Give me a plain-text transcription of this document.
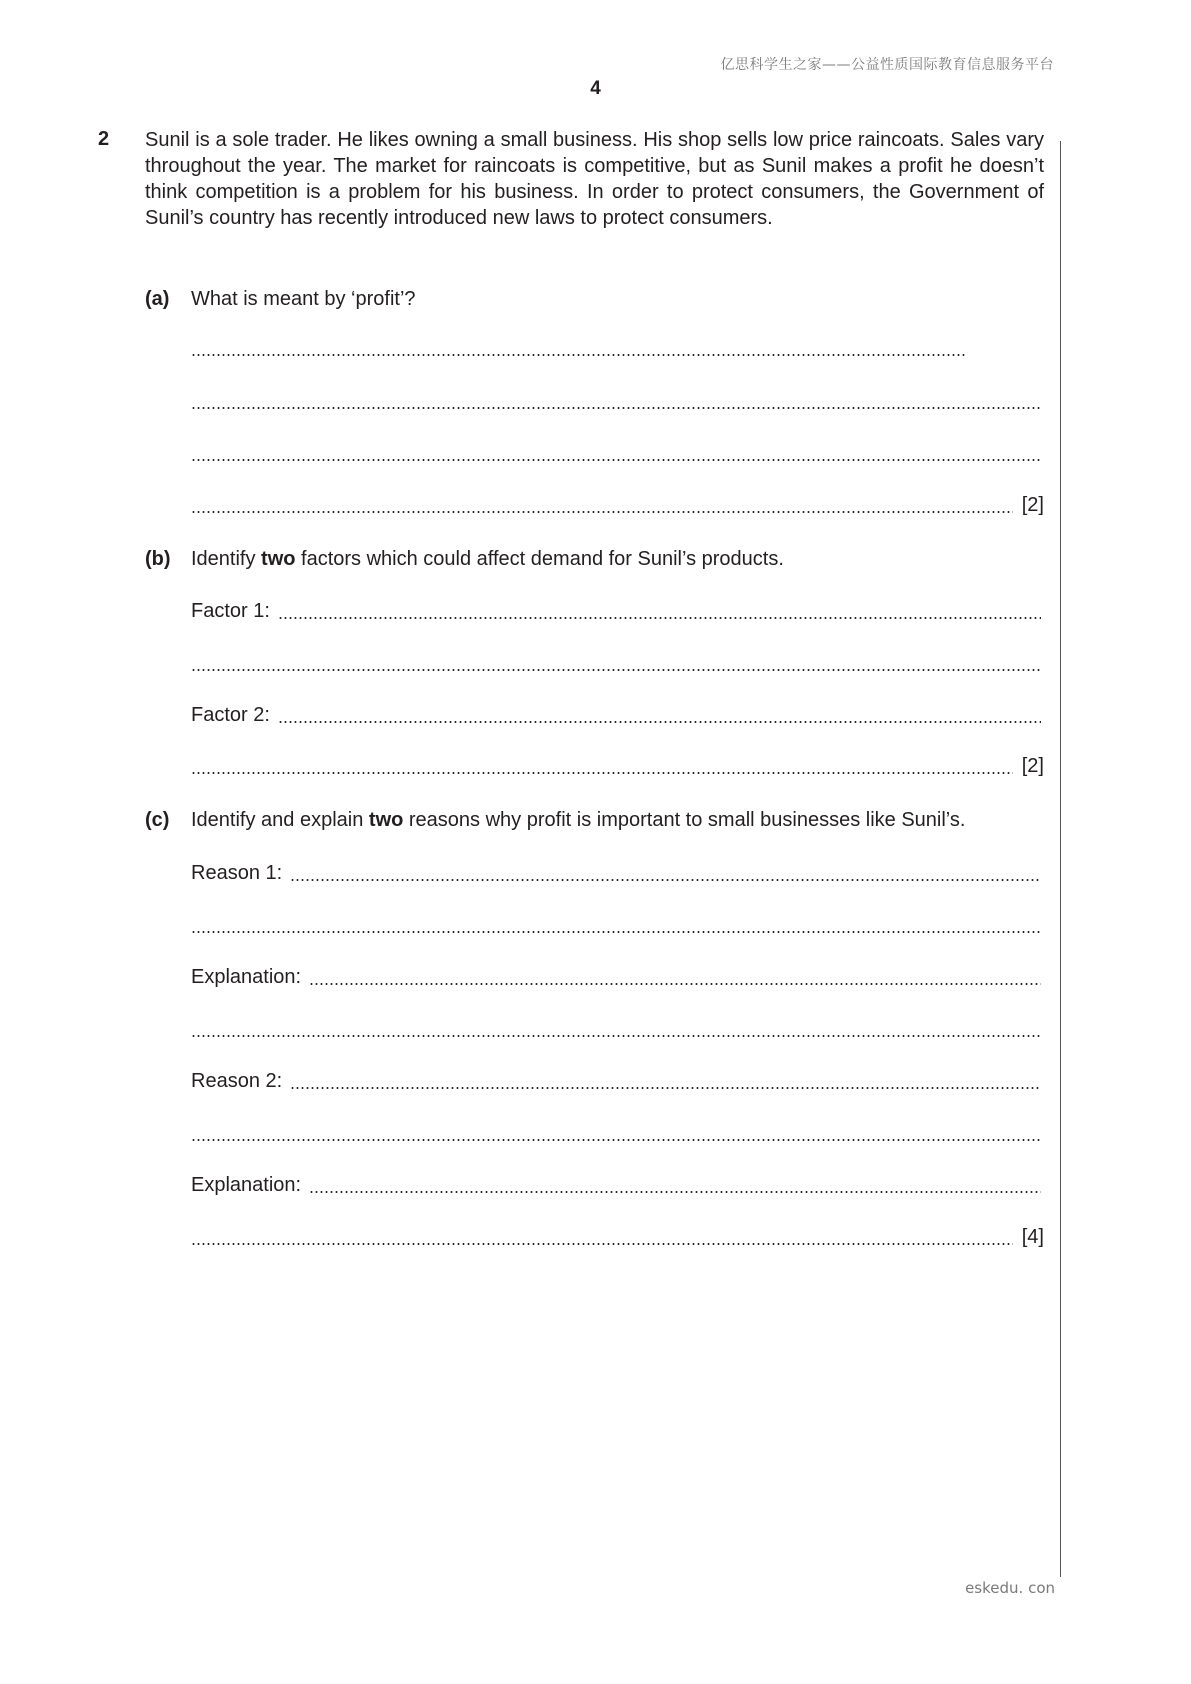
亿思科学生之家——公益性质国际教育信息服务平台
4
2 Sunil is a sole trader. He likes owning a small business. His shop sells low price raincoats. Sales vary throughout the year. The market for raincoats is competitive, but as Sunil makes a profit he doesn’t think competition is a problem for his business. In order to protect consumers, the Government of Sunil’s country has recently introduced new laws to protect consumers.
(a) What is meant by ‘profit’?
[2]
(b) Identify two factors which could affect demand for Sunil’s products.
Factor 1:
Factor 2:
[2]
(c) Identify and explain two reasons why profit is important to small businesses like Sunil’s.
Reason 1:
Explanation:
Reason 2:
Explanation:
[4]
eskedu. con
